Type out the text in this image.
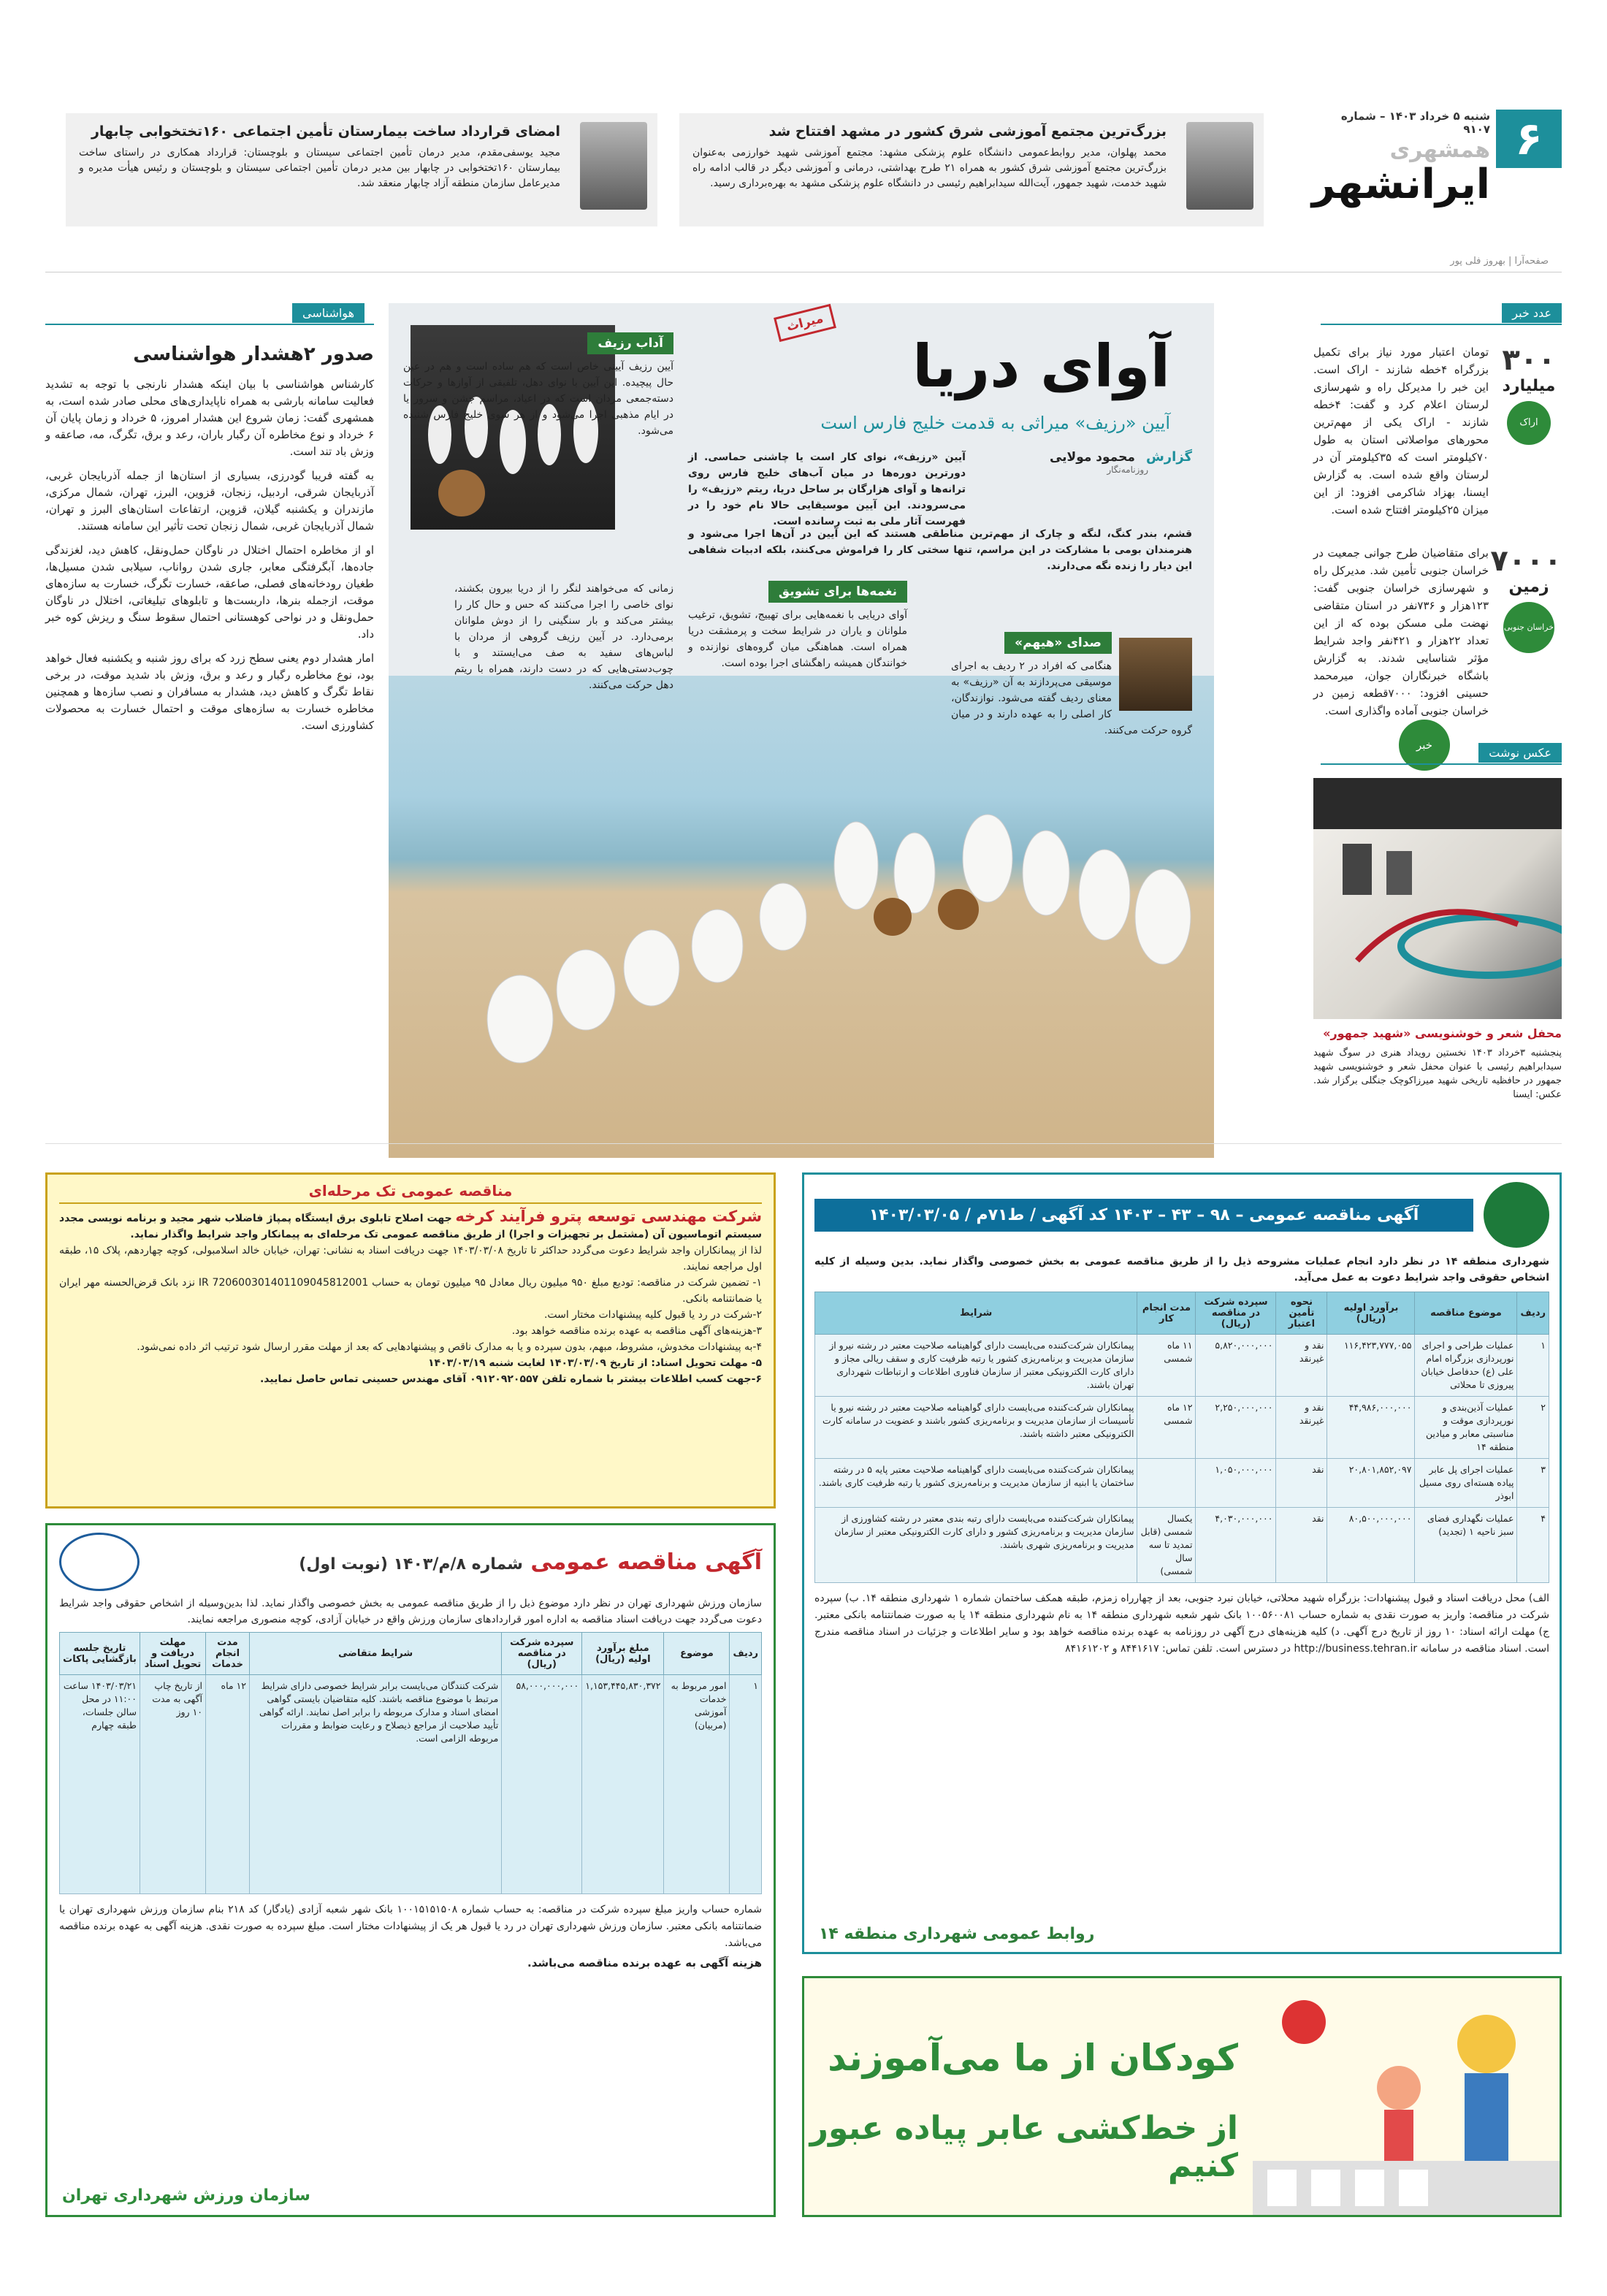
۶
شنبه ۵ خرداد ۱۴۰۳ – شماره ۹۱۰۷
همشهری
ایرانشهر
صفحه‌آرا | بهروز فلی پور
بزرگ‌ترین مجتمع آموزشی شرق کشور در مشهد افتتاح شد

محمد پهلوان، مدیر روابط‌عمومی دانشگاه علوم پزشکی مشهد: مجتمع آموزشی شهید خوارزمی به‌عنوان بزرگ‌ترین مجتمع آموزشی شرق کشور به همراه ۲۱ طرح بهداشتی، درمانی و آموزشی دیگر در قالب ادامه راه شهید خدمت، شهید جمهور، آیت‌الله سیدابراهیم رئیسی در دانشگاه علوم پزشکی مشهد به بهره‌برداری رسید.

امضای قرارداد ساخت بیمارستان تأمین اجتماعی ۱۶۰تختخوابی چابهار

مجید یوسفی‌مقدم، مدیر درمان تأمین اجتماعی سیستان و بلوچستان: قرارداد همکاری در راستای ساخت بیمارستان ۱۶۰تختخوابی در چابهار بین مدیر درمان تأمین اجتماعی سیستان و بلوچستان و رئیس هیأت مدیره و مدیرعامل سازمان منطقه آزاد چابهار منعقد شد.

عدد خبر
۳۰۰
میلیارد
اراک

تومان اعتبار مورد نیاز برای تکمیل بزرگراه ۴خطه شازند - اراک است. این خبر را مدیرکل راه و شهرسازی لرستان اعلام کرد و گفت: ۴خطه شازند - اراک یکی از مهم‌ترین محورهای مواصلاتی استان به طول ۷۰کیلومتر است که ۳۵کیلومتر آن در لرستان واقع شده است. به گزارش ایسنا، بهزاد شاکرمی افزود: از این میزان ۲۵کیلومتر افتتاح شده است.

۷۰۰۰
زمین
خراسان جنوبی

برای متقاضیان طرح جوانی جمعیت در خراسان جنوبی تأمین شد. مدیرکل راه و شهرسازی خراسان جنوبی گفت: ۱۲۳هزار و ۷۳۶نفر در استان متقاضی نهضت ملی مسکن بوده که از این تعداد ۲۲هزار و ۴۲۱نفر واجد شرایط مؤثر شناسایی شدند. به گزارش باشگاه خبرنگاران جوان، میرمحمد حسینی افزود: ۷۰۰۰قطعه زمین در خراسان جنوبی آماده واگذاری است.

خبر
عکس نوشت
محفل شعر و خوشنویسی «شهید جمهور»

پنجشنبه ۳خرداد ۱۴۰۳ نخستین رویداد هنری در سوگ شهید سیدابراهیم رئیسی با عنوان محفل شعر و خوشنویسی شهید جمهور در حافظیه تاریخی شهید میرزاکوچک جنگلی برگزار شد. عکس: ایسنا

میراث
آوای دریا
آیین «رزیف» میراثی به قدمت خلیج فارس است
گزارش محمود مولایی
روزنامه‌نگار

آیین «رزیف»، نوای کار است یا چاشنی حماسی. از دورترین دوره‌ها در میان آب‌های خلیج فارس روی ترانه‌ها و آوای هزارگان بر ساحل دریا، ریتم «رزیف» را می‌سرودند. این آیین موسیقایی حالا نام خود را در فهرست آثار ملی به ثبت رسانده است.

قشم، بندر کنگ، لنگه و چارک از مهم‌ترین مناطقی هستند که این آیین در آن‌ها اجرا می‌شود و هنرمندان بومی با مشارکت در این مراسم، تنها سختی کار را فراموش می‌کنند، بلکه ادبیات شفاهی این دیار را زنده نگه می‌دارند.

آداب رزیف

آیین رزیف آیینی خاص است که هم ساده است و هم در عین حال پیچیده. این آیین با نوای دهل، تلفیقی از آوازها و حرکات دسته‌جمعی مردان است که در اعیاد، مراسم جشن و سرور یا در ایام مذهبی اجرا می‌شود و از هر سوی خلیج فارس شنیده می‌شود.

نغمه‌ها برای تشویق

آوای دریایی با نغمه‌هایی برای تهییج، تشویق، ترغیب ملوانان و یاران در شرایط سخت و پرمشقت دریا همراه است. هماهنگی میان گروه‌های نوازنده و خوانندگان همیشه راهگشای اجرا بوده است.

زمانی که می‌خواهند لنگر را از دریا بیرون بکشند، نوای خاصی را اجرا می‌کنند که حس و حال کار را بیشتر می‌کند و بار سنگینی را از دوش ملوانان برمی‌دارد. در آیین رزیف گروهی از مردان با لباس‌های سفید به صف می‌ایستند و با چوب‌دستی‌هایی که در دست دارند، همراه با ریتم دهل حرکت می‌کنند.

صدای «هیهم»

هنگامی که افراد در ۲ ردیف به اجرای موسیقی می‌پردازند به آن «رزیف» به معنای ردیف گفته می‌شود. نوازندگان، کار اصلی را به عهده دارند و در میان گروه حرکت می‌کنند.

هواشناسی
صدور ۲هشدار هواشناسی

کارشناس هواشناسی با بیان اینکه هشدار نارنجی با توجه به تشدید فعالیت سامانه بارشی به همراه ناپایداری‌های محلی صادر شده است، به همشهری گفت: زمان شروع این هشدار امروز، ۵ خرداد و زمان پایان آن ۶ خرداد و نوع مخاطره آن رگبار باران، رعد و برق، تگرگ، مه، صاعقه و وزش باد تند است.

به گفته فریبا گودرزی، بسیاری از استان‌ها از جمله آذربایجان غربی، آذربایجان شرقی، اردبیل، زنجان، قزوین، البرز، تهران، شمال مرکزی، مازندران و یکشنبه گیلان، قزوین، ارتفاعات استان‌های البرز و تهران، شمال آذربایجان غربی، شمال زنجان تحت تأثیر این سامانه هستند.

او از مخاطره احتمال اختلال در ناوگان حمل‌ونقل، کاهش دید، لغزندگی جاده‌ها، آبگرفتگی معابر، جاری شدن رواناب، سیلابی شدن مسیل‌ها، طغیان رودخانه‌های فصلی، صاعقه، خسارت تگرگ، خسارت به سازه‌های موقت، ازجمله بنرها، داربست‌ها و تابلوهای تبلیغاتی، اختلال در ناوگان حمل‌ونقل و در نواحی کوهستانی احتمال سقوط سنگ و ریزش کوه خبر داد.

امار هشدار دوم یعنی سطح زرد که برای روز شنبه و یکشنبه فعال خواهد بود، نوع مخاطره رگبار و رعد و برق، وزش باد شدید موقت، در برخی نقاط تگرگ و کاهش دید، هشدار به مسافران و نصب سازه‌ها و همچنین مخاطره خسارت به سازه‌های موقت و احتمال خسارت به محصولات کشاورزی است.

آگهی مناقصه عمومی – ۹۸ – ۴۳ – ۱۴۰۳ کد آگهی / ط۷۱م / ۱۴۰۳/۰۳/۰۵

شهرداری منطقه ۱۴ در نظر دارد انجام عملیات مشروحه ذیل را از طریق مناقصه عمومی به بخش خصوصی واگذار نماید. بدین وسیله از کلیه اشخاص حقوقی واجد شرایط دعوت به عمل می‌آید.

ردیف	موضوع مناقصه	برآورد اولیه (ریال)	نحوه تأمین اعتبار	سپرده شرکت در مناقصه (ریال)	مدت انجام کار	شرایط
۱	عملیات طراحی و اجرای نورپردازی بزرگراه امام علی (ع) حدفاصل خیابان پیروزی تا محلاتی	۱۱۶,۴۲۳,۷۷۷,۰۵۵	نقد و غیرنقد	۵,۸۲۰,۰۰۰,۰۰۰	۱۱ ماه شمسی	پیمانکاران شرکت‌کننده می‌بایست دارای گواهینامه صلاحیت معتبر در رشته نیرو از سازمان مدیریت و برنامه‌ریزی کشور یا رتبه ظرفیت کاری و سقف ریالی مجاز و دارای کارت الکترونیکی معتبر از سازمان فناوری اطلاعات و ارتباطات شهرداری تهران باشند.
۲	عملیات آذین‌بندی و نورپردازی موقت و مناسبتی معابر و میادین منطقه ۱۴	۴۴,۹۸۶,۰۰۰,۰۰۰	نقد و غیرنقد	۲,۲۵۰,۰۰۰,۰۰۰	۱۲ ماه شمسی	پیمانکاران شرکت‌کننده می‌بایست دارای گواهینامه صلاحیت معتبر در رشته نیرو یا تأسیسات از سازمان مدیریت و برنامه‌ریزی کشور باشند و عضویت در سامانه کارت الکترونیکی معتبر داشته باشند.
۳	عملیات اجرای پل عابر پیاده هسته‌ای روی مسیل ابوذر	۲۰,۸۰۱,۸۵۲,۰۹۷	نقد	۱,۰۵۰,۰۰۰,۰۰۰		پیمانکاران شرکت‌کننده می‌بایست دارای گواهینامه صلاحیت معتبر پایه ۵ در رشته ساختمان یا ابنیه از سازمان مدیریت و برنامه‌ریزی کشور یا رتبه ظرفیت کاری باشند.
۴	عملیات نگهداری فضای سبز ناحیه ۱ (تجدید)	۸۰,۵۰۰,۰۰۰,۰۰۰	نقد	۴,۰۳۰,۰۰۰,۰۰۰	یکسال شمسی (قابل تمدید تا سه سال شمسی)	پیمانکاران شرکت‌کننده می‌بایست دارای رتبه بندی معتبر در رشته کشاورزی از سازمان مدیریت و برنامه‌ریزی کشور و دارای کارت الکترونیکی معتبر از سازمان مدیریت و برنامه‌ریزی شهری باشند.

الف) محل دریافت اسناد و قبول پیشنهادات: بزرگراه شهید محلاتی، خیابان نبرد جنوبی، بعد از چهارراه زمزم، طبقه همکف ساختمان شماره ۱ شهرداری منطقه ۱۴. ب) سپرده شرکت در مناقصه: واریز به صورت نقدی به شماره حساب ۱۰۰۵۶۰۰۸۱ بانک شهر شعبه شهرداری منطقه ۱۴ به نام شهرداری منطقه ۱۴ یا به صورت ضمانتنامه بانکی معتبر. ج) مهلت ارائه اسناد: ۱۰ روز از تاریخ درج آگهی. د) کلیه هزینه‌های درج آگهی در روزنامه به عهده برنده مناقصه خواهد بود و سایر اطلاعات و جزئیات در اسناد مناقصه مندرج است. اسناد مناقصه در سامانه http://business.tehran.ir در دسترس است. تلفن تماس: ۸۴۴۱۶۱۷ و ۸۴۱۶۱۲۰۲

روابط عمومی شهرداری منطقه ۱۴
کودکان از ما می‌آموزند
از خط‌کشی عابر پیاده عبور کنیم
مناقصه عمومی تک مرحله‌ای

شرکت مهندسی توسعه پترو فرآیند کرخه جهت اصلاح تابلوی برق ایستگاه پمپاژ فاضلاب شهر مجید و برنامه نویسی مجدد سیستم اتوماسیون آن (مشتمل بر تجهیزات و اجرا) از طریق مناقصه عمومی تک مرحله‌ای به پیمانکار واجد شرایط واگذار نماید.

لذا از پیمانکاران واجد شرایط دعوت می‌گردد حداکثر تا تاریخ ۱۴۰۳/۰۳/۰۸ جهت دریافت اسناد به نشانی: تهران، خیابان خالد اسلامبولی، کوچه چهاردهم، پلاک ۱۵، طبقه اول مراجعه نمایند.

۱- تضمین شرکت در مناقصه: تودیع مبلغ ۹۵۰ میلیون ریال معادل ۹۵ میلیون تومان به حساب IR 720600301401109045812001 نزد بانک قرض‌الحسنه مهر ایران یا ضمانتنامه بانکی.

۲-شرکت در رد یا قبول کلیه پیشنهادات مختار است.

۳-هزینه‌های آگهی مناقصه به عهده برنده مناقصه خواهد بود.

۴-به پیشنهادات مخدوش، مشروط، مبهم، بدون سپرده و یا به مدارک ناقص و پیشنهادهایی که بعد از مهلت مقرر ارسال شود ترتیب اثر داده نمی‌شود.

۵- مهلت تحویل اسناد: از تاریخ ۱۴۰۳/۰۳/۰۹ لغایت شنبه ۱۴۰۳/۰۳/۱۹

۶-جهت کسب اطلاعات بیشتر با شماره تلفن ۰۹۱۲۰۹۲۰۵۵۷ آقای مهندس حسینی تماس حاصل نمایید.

آگهی مناقصه عمومی شماره ۸/م/۱۴۰۳ (نوبت اول)

سازمان ورزش شهرداری تهران در نظر دارد موضوع ذیل را از طریق مناقصه عمومی به بخش خصوصی واگذار نماید. لذا بدین‌وسیله از اشخاص حقوقی واجد شرایط دعوت می‌گردد جهت دریافت اسناد مناقصه به اداره امور قراردادهای سازمان ورزش واقع در خیابان آزادی، کوچه منصوری مراجعه نمایند.

ردیف	موضوع	مبلغ برآورد اولیه (ریال)	سپرده شرکت در مناقصه (ریال)	شرایط متقاضی	مدت انجام خدمات	مهلت دریافت و تحویل اسناد	تاریخ جلسه بازگشایی پاکات
۱	امور مربوط به خدمات آموزشی (مربیان)	۱,۱۵۳,۴۴۵,۸۳۰,۳۷۲	۵۸,۰۰۰,۰۰۰,۰۰۰	شرکت کنندگان می‌بایست برابر شرایط خصوصی دارای شرایط مرتبط با موضوع مناقصه باشند. کلیه متقاضیان بایستی گواهی امضای اسناد و مدارک مربوطه را برابر اصل نمایند. ارائه گواهی تأیید صلاحیت از مراجع ذیصلاح و رعایت ضوابط و مقررات مربوطه الزامی است.	۱۲ ماه	از تاریخ چاپ آگهی به مدت ۱۰ روز	۱۴۰۳/۰۳/۲۱ ساعت ۱۱:۰۰ در محل سالن جلسات، طبقه چهارم

شماره حساب واریز مبلغ سپرده شرکت در مناقصه: به حساب شماره ۱۰۰۱۵۱۵۱۵۰۸ بانک شهر شعبه آزادی (یادگار) کد ۲۱۸ بنام سازمان ورزش شهرداری تهران یا ضمانتنامه بانکی معتبر. سازمان ورزش شهرداری تهران در رد یا قبول هر یک از پیشنهادات مختار است. مبلغ سپرده به صورت نقدی. هزینه آگهی به عهده برنده مناقصه می‌باشد.

هزینه آگهی به عهده برنده مناقصه می‌باشد.
سازمان ورزش شهرداری تهران
